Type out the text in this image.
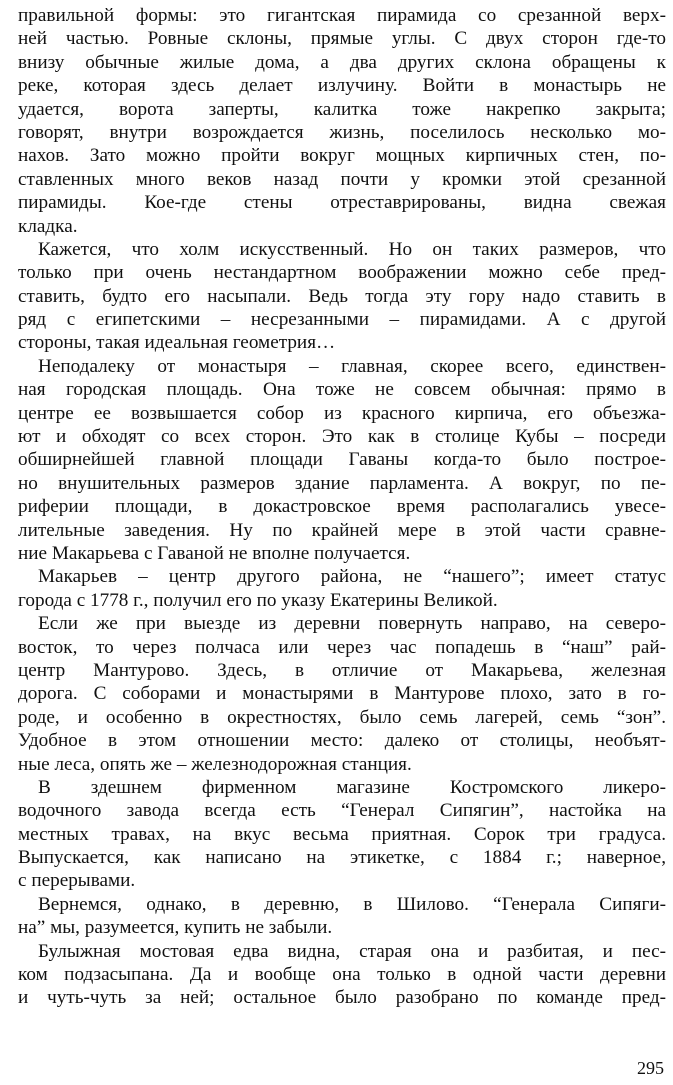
правильной формы: это гигантская пирамида со срезанной верх-
ней частью. Ровные склоны, прямые углы. С двух сторон где-то
внизу обычные жилые дома, а два других склона обращены к
реке, которая здесь делает излучину. Войти в монастырь не
удается, ворота заперты, калитка тоже накрепко закрыта;
говорят, внутри возрождается жизнь, поселилось несколько мо-
нахов. Зато можно пройти вокруг мощных кирпичных стен, по-
ставленных много веков назад почти у кромки этой срезанной
пирамиды. Кое-где стены отреставрированы, видна свежая
кладка.
Кажется, что холм искусственный. Но он таких размеров, что
только при очень нестандартном воображении можно себе пред-
ставить, будто его насыпали. Ведь тогда эту гору надо ставить в
ряд с египетскими – несрезанными – пирамидами. А с другой
стороны, такая идеальная геометрия…
Неподалеку от монастыря – главная, скорее всего, единствен-
ная городская площадь. Она тоже не совсем обычная: прямо в
центре ее возвышается собор из красного кирпича, его объезжа-
ют и обходят со всех сторон. Это как в столице Кубы – посреди
обширнейшей главной площади Гаваны когда-то было построе-
но внушительных размеров здание парламента. А вокруг, по пе-
риферии площади, в докастровское время располагались увесе-
лительные заведения. Ну по крайней мере в этой части сравне-
ние Макарьева с Гаваной не вполне получается.
Макарьев – центр другого района, не “нашего”; имеет статус
города с 1778 г., получил его по указу Екатерины Великой.
Если же при выезде из деревни повернуть направо, на северо-
восток, то через полчаса или через час попадешь в “наш” рай-
центр Мантурово. Здесь, в отличие от Макарьева, железная
дорога. С соборами и монастырями в Мантурове плохо, зато в го-
роде, и особенно в окрестностях, было семь лагерей, семь “зон”.
Удобное в этом отношении место: далеко от столицы, необъят-
ные леса, опять же – железнодорожная станция.
В здешнем фирменном магазине Костромского ликеро-
водочного завода всегда есть “Генерал Сипягин”, настойка на
местных травах, на вкус весьма приятная. Сорок три градуса.
Выпускается, как написано на этикетке, с 1884 г.; наверное,
с перерывами.
Вернемся, однако, в деревню, в Шилово. “Генерала Сипяги-
на” мы, разумеется, купить не забыли.
Булыжная мостовая едва видна, старая она и разбитая, и пес-
ком подзасыпана. Да и вообще она только в одной части деревни
и чуть-чуть за ней; остальное было разобрано по команде пред-
295
